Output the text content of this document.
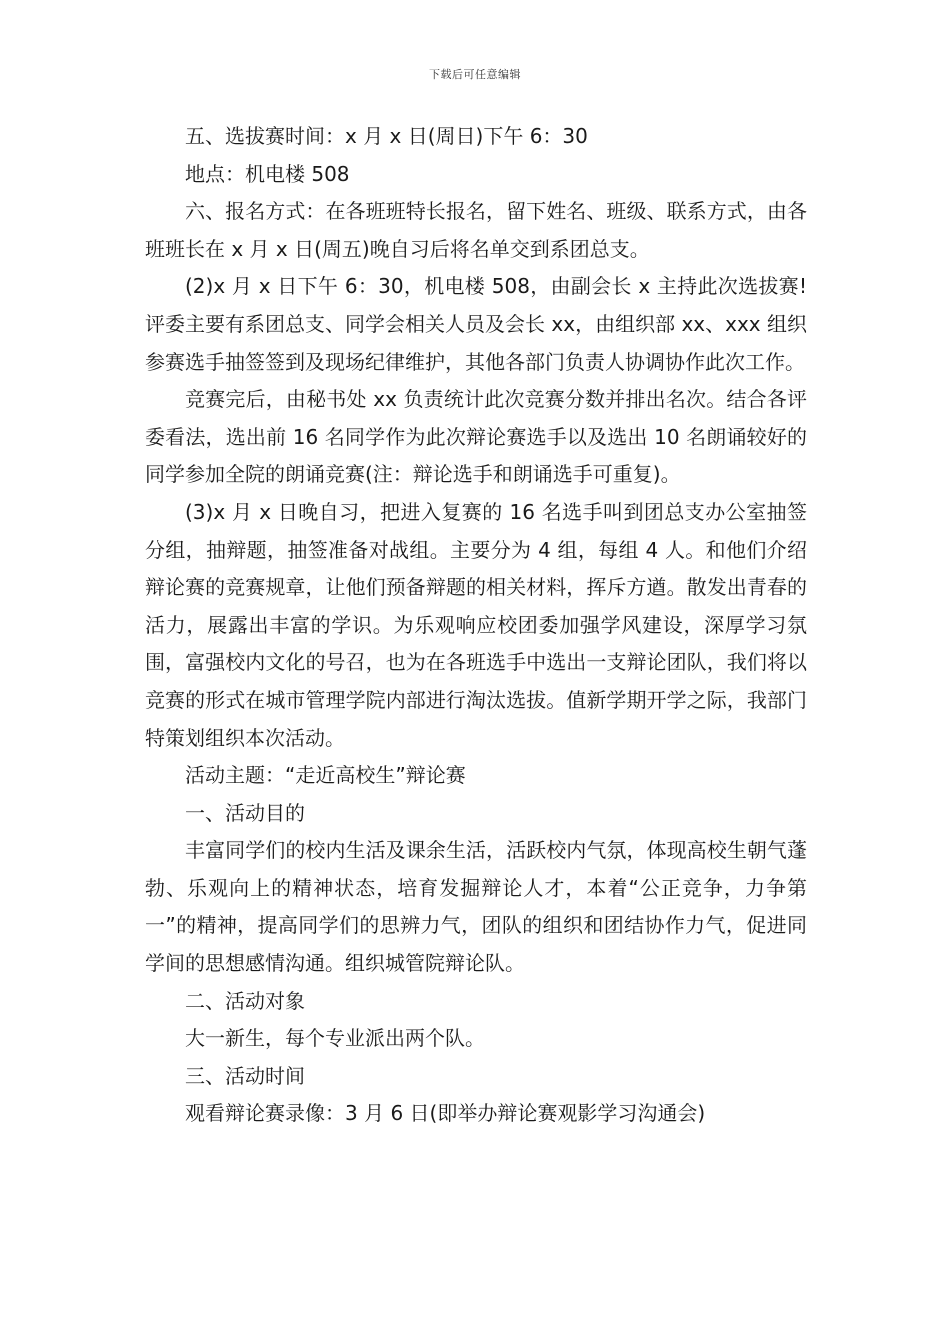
下载后可任意编辑

五、选拔赛时间：x 月 x 日(周日)下午 6：30

地点：机电楼 508

六、报名方式：在各班班特长报名，留下姓名、班级、联系方式，由各班班长在 x 月 x 日(周五)晚自习后将名单交到系团总支。

(2)x 月 x 日下午 6：30，机电楼 508，由副会长 x 主持此次选拔赛!评委主要有系团总支、同学会相关人员及会长 xx，由组织部 xx、xxx 组织参赛选手抽签签到及现场纪律维护，其他各部门负责人协调协作此次工作。

竞赛完后，由秘书处 xx 负责统计此次竞赛分数并排出名次。结合各评委看法，选出前 16 名同学作为此次辩论赛选手以及选出 10 名朗诵较好的同学参加全院的朗诵竞赛(注：辩论选手和朗诵选手可重复)。

(3)x 月 x 日晚自习，把进入复赛的 16 名选手叫到团总支办公室抽签分组，抽辩题，抽签准备对战组。主要分为 4 组，每组 4 人。和他们介绍辩论赛的竞赛规章，让他们预备辩题的相关材料，挥斥方遒。散发出青春的活力，展露出丰富的学识。为乐观响应校团委加强学风建设，深厚学习氛围，富强校内文化的号召，也为在各班选手中选出一支辩论团队，我们将以竞赛的形式在城市管理学院内部进行淘汰选拔。值新学期开学之际，我部门特策划组织本次活动。

活动主题：“走近高校生”辩论赛

一、活动目的

丰富同学们的校内生活及课余生活，活跃校内气氛，体现高校生朝气蓬勃、乐观向上的精神状态，培育发掘辩论人才，本着“公正竞争，力争第一”的精神，提高同学们的思辨力气，团队的组织和团结协作力气，促进同学间的思想感情沟通。组织城管院辩论队。

二、活动对象

大一新生，每个专业派出两个队。

三、活动时间

观看辩论赛录像：3 月 6 日(即举办辩论赛观影学习沟通会)
